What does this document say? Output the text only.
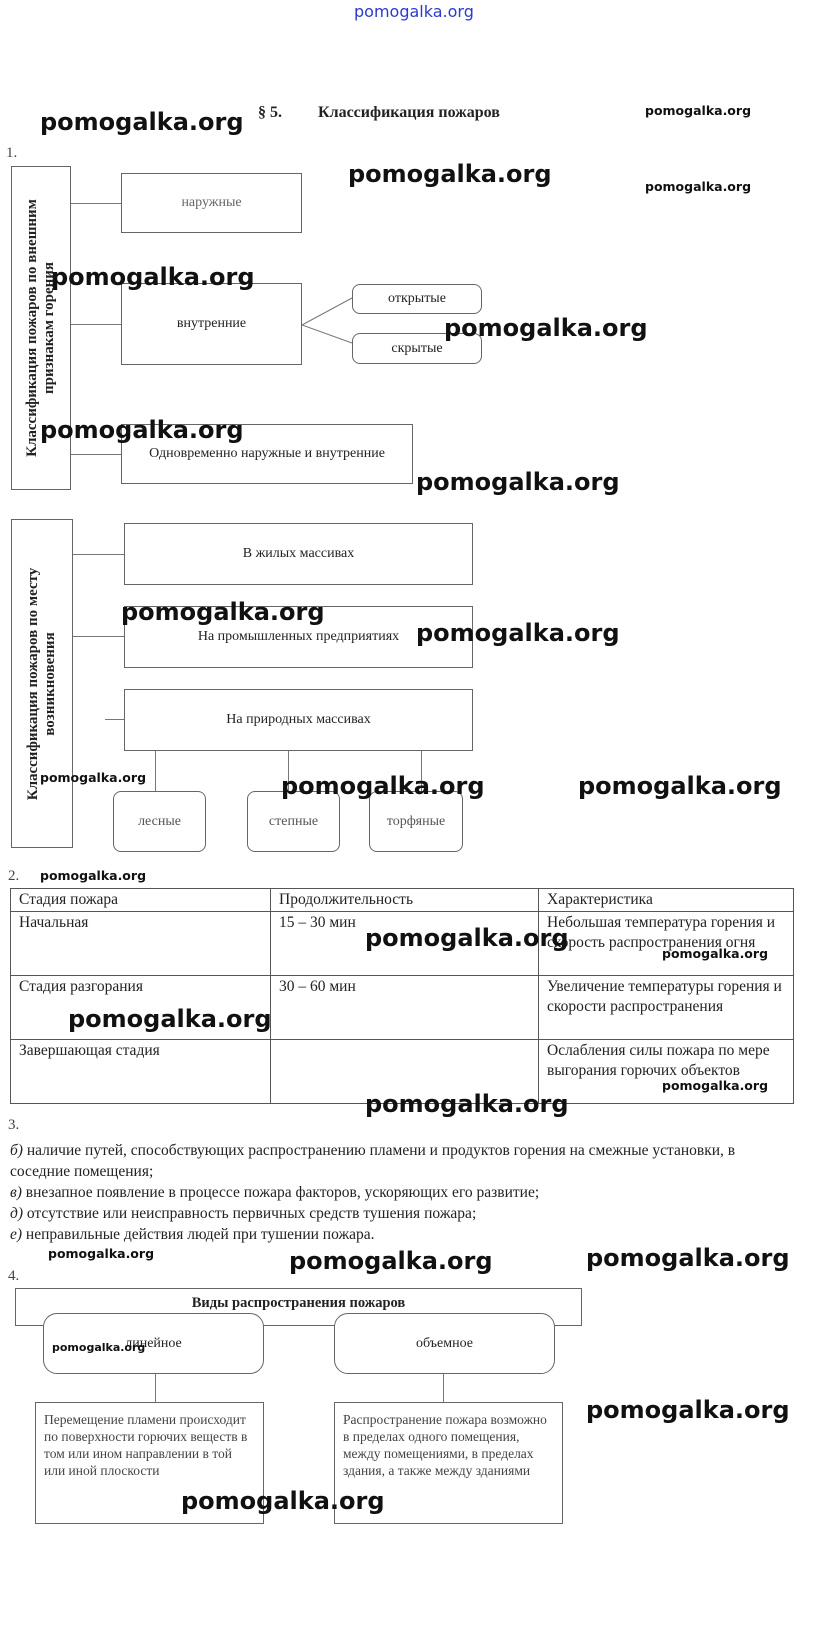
pomogalka.org
§ 5. Классификация пожаров
1.
Классификация пожаров по внешним признакам горения
наружные
внутренние
открытые
скрытые
Одновременно наружные и внутренние
Классификация пожаров по месту возникновения
В жилых массивах
На промышленных предприятиях
На природных массивах
лесные	степные	торфяные
2.
Стадия пожара	Продолжительность	Характеристика
Начальная	15 – 30 мин	Небольшая температура горения и скорость распространения огня
Стадия разгорания	30 – 60 мин	Увеличение температуры горения и скорости распространения
Завершающая стадия		Ослабления силы пожара по мере выгорания горючих объектов
3.
б) наличие путей, способствующих распространению пламени и продуктов горения на смежные установки, в соседние помещения;
в) внезапное появление в процессе пожара факторов, ускоряющих его развитие;
д) отсутствие или неисправность первичных средств тушения пожара;
е) неправильные действия людей при тушении пожара.
4.
Виды распространения пожаров
линейное	объемное
Перемещение пламени происходит по поверхности горючих веществ в том или ином направлении в той или иной плоскости
Распространение пожара возможно в пределах одного помещения, между помещениями, в пределах здания, а также между зданиями
pomogalka.org	pomogalka.org
pomogalka.org	pomogalka.org
pomogalka.org
pomogalka.org
pomogalka.org
pomogalka.org
pomogalka.org
pomogalka.org
pomogalka.org	pomogalka.org	pomogalka.org
pomogalka.org
pomogalka.org
pomogalka.org
pomogalka.org
pomogalka.org
pomogalka.org
pomogalka.org	pomogalka.org	pomogalka.org
pomogalka.org
pomogalka.org
pomogalka.org
